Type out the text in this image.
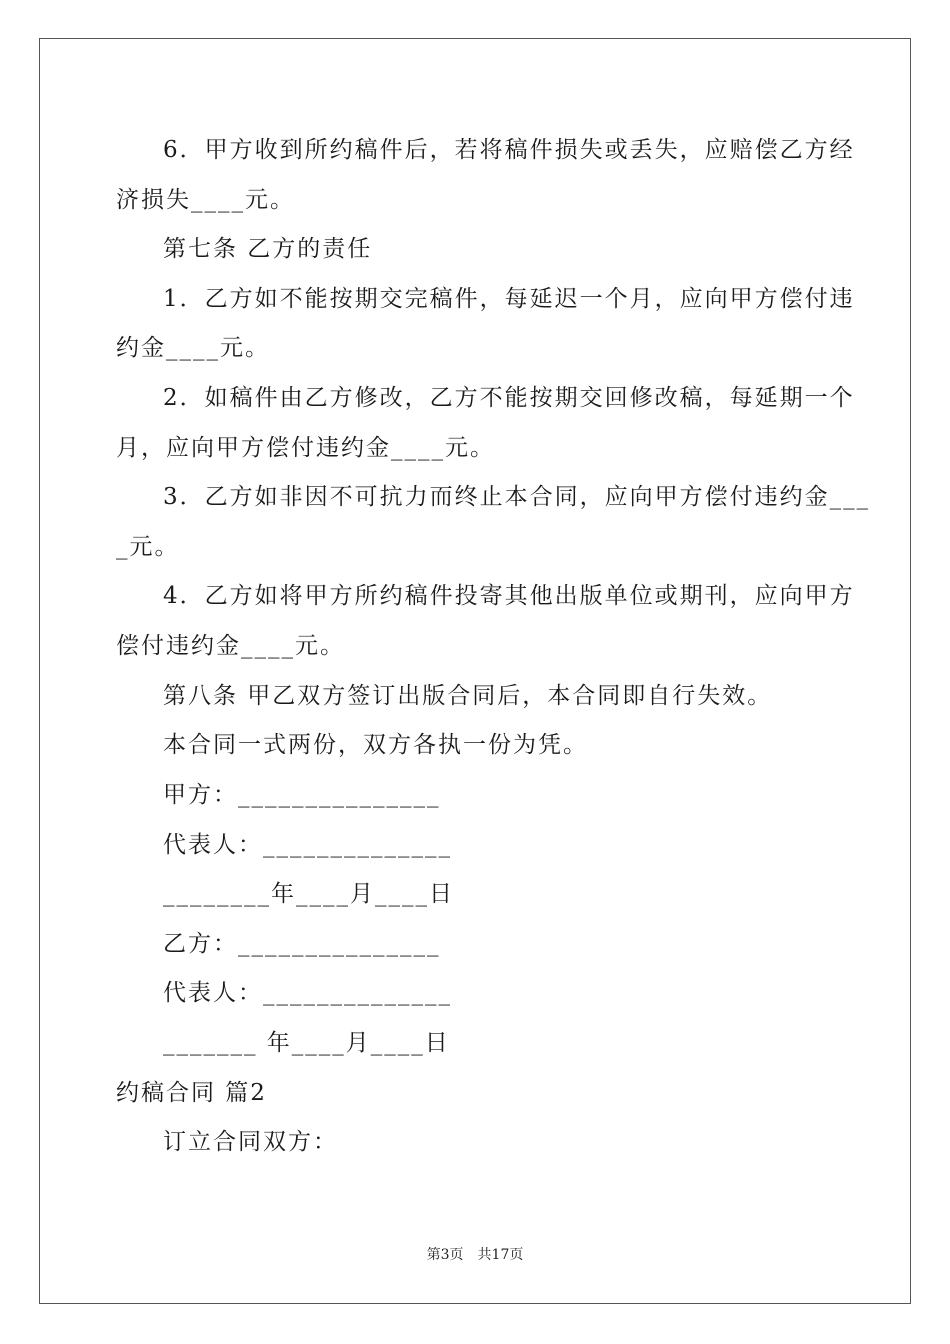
6．甲方收到所约稿件后，若将稿件损失或丢失，应赔偿乙方经
济损失____元。
第七条 乙方的责任
1．乙方如不能按期交完稿件，每延迟一个月，应向甲方偿付违
约金____元。
2．如稿件由乙方修改，乙方不能按期交回修改稿，每延期一个
月，应向甲方偿付违约金____元。
3．乙方如非因不可抗力而终止本合同，应向甲方偿付违约金___
_元。
4．乙方如将甲方所约稿件投寄其他出版单位或期刊，应向甲方
偿付违约金____元。
第八条 甲乙双方签订出版合同后，本合同即自行失效。
本合同一式两份，双方各执一份为凭。
甲方：_______________
代表人：______________
________年____月____日
乙方：_______________
代表人：______________
_______ 年____月____日
约稿合同 篇2
订立合同双方：
第3页　共17页
